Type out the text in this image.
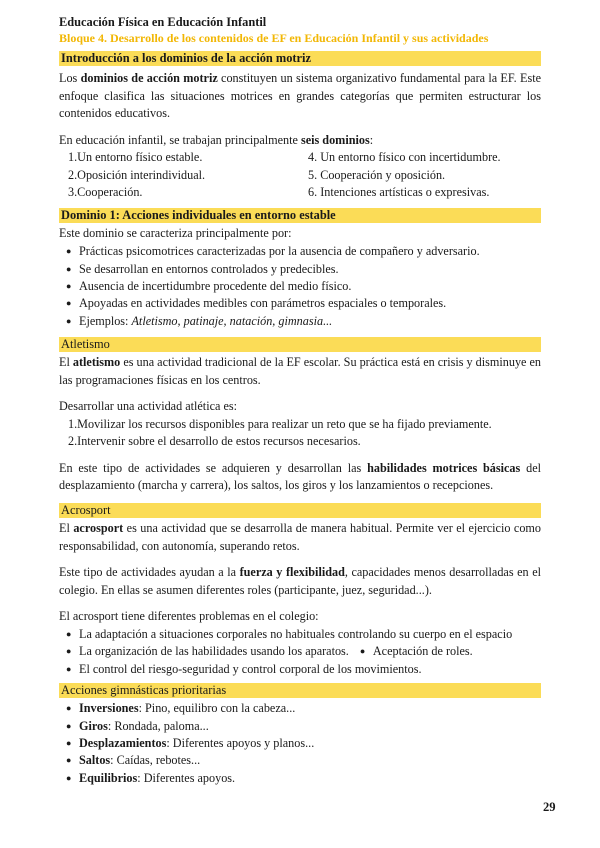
Educación Física en Educación Infantil
Bloque 4. Desarrollo de los contenidos de EF en Educación Infantil y sus actividades
Introducción a los dominios de la acción motriz

Los dominios de acción motriz constituyen un sistema organizativo fundamental para la EF. Este enfoque clasifica las situaciones motrices en grandes categorías que permiten estructurar los contenidos educativos.

En educación infantil, se trabajan principalmente seis dominios:

1.Un entorno físico estable.	4. Un entorno físico con incertidumbre.
2.Oposición interindividual.	5. Cooperación y oposición.
3.Cooperación.	6. Intenciones artísticas o expresivas.
Dominio 1: Acciones individuales en entorno estable

Este dominio se caracteriza principalmente por:

● Prácticas psicomotrices caracterizadas por la ausencia de compañero y adversario.
● Se desarrollan en entornos controlados y predecibles.
● Ausencia de incertidumbre procedente del medio físico.
● Apoyadas en actividades medibles con parámetros espaciales o temporales.
● Ejemplos: Atletismo, patinaje, natación, gimnasia...
Atletismo

El atletismo es una actividad tradicional de la EF escolar. Su práctica está en crisis y disminuye en las programaciones físicas en los centros.

Desarrollar una actividad atlética es:

1.Movilizar los recursos disponibles para realizar un reto que se ha fijado previamente.
2.Intervenir sobre el desarrollo de estos recursos necesarios.

En este tipo de actividades se adquieren y desarrollan las habilidades motrices básicas del desplazamiento (marcha y carrera), los saltos, los giros y los lanzamientos o recepciones.

Acrosport

El acrosport es una actividad que se desarrolla de manera habitual. Permite ver el ejercicio como responsabilidad, con autonomía, superando retos.

Este tipo de actividades ayudan a la fuerza y flexibilidad, capacidades menos desarrolladas en el colegio. En ellas se asumen diferentes roles (participante, juez, seguridad...).

El acrosport tiene diferentes problemas en el colegio:

● La adaptación a situaciones corporales no habituales controlando su cuerpo en el espacio
● La organización de las habilidades usando los aparatos. ● Aceptación de roles.
● El control del riesgo-seguridad y control corporal de los movimientos.
Acciones gimnásticas prioritarias
● Inversiones: Pino, equilibro con la cabeza...
● Giros: Rondada, paloma...
● Desplazamientos: Diferentes apoyos y planos...
● Saltos: Caídas, rebotes...
● Equilibrios: Diferentes apoyos.
29
